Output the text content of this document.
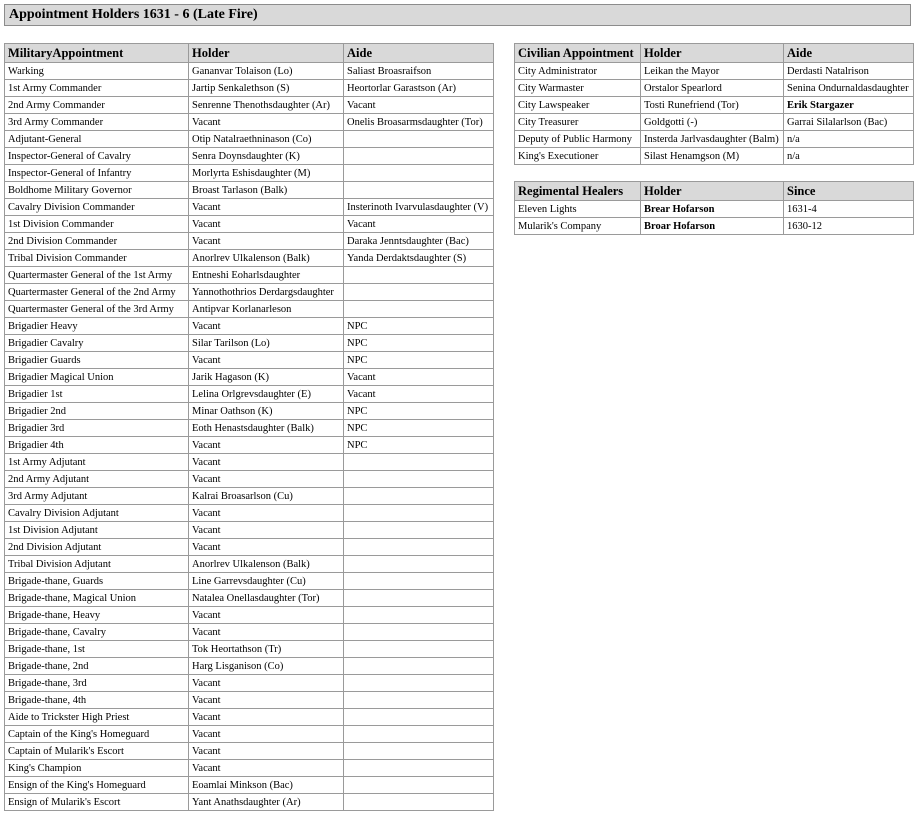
Appointment Holders 1631 - 6 (Late Fire)
MilitaryAppointment	Holder	Aide
Warking	Gananvar Tolaison (Lo)	Saliast Broasraifson
1st Army Commander	Jartip Senkalethson (S)	Heortorlar Garastson (Ar)
2nd Army Commander	Senrenne Thenothsdaughter (Ar)	Vacant
3rd Army Commander	Vacant	Onelis Broasarmsdaughter (Tor)
Adjutant-General	Otip Natalraethninason (Co)	
Inspector-General of Cavalry	Senra Doynsdaughter (K)	
Inspector-General of Infantry	Morlyrta Eshisdaughter (M)	
Boldhome Military Governor	Broast Tarlason (Balk)	
Cavalry Division Commander	Vacant	Insterinoth Ivarvulasdaughter (V)
1st Division Commander	Vacant	Vacant
2nd Division Commander	Vacant	Daraka Jenntsdaughter (Bac)
Tribal Division Commander	Anorlrev Ulkalenson (Balk)	Yanda Derdaktsdaughter (S)
Quartermaster General of the 1st Army	Entneshi Eoharlsdaughter	
Quartermaster General of the 2nd Army	Yannothothrios Derdargsdaughter	
Quartermaster General of the 3rd Army	Antipvar Korlanarleson	
Brigadier Heavy	Vacant	NPC
Brigadier Cavalry	Silar Tarilson (Lo)	NPC
Brigadier Guards	Vacant	NPC
Brigadier Magical Union	Jarik Hagason (K)	Vacant
Brigadier 1st	Lelina Orlgrevsdaughter (E)	Vacant
Brigadier 2nd	Minar Oathson (K)	NPC
Brigadier 3rd	Eoth Henastsdaughter (Balk)	NPC
Brigadier 4th	Vacant	NPC
1st Army Adjutant	Vacant	
2nd Army Adjutant	Vacant	
3rd Army Adjutant	Kalrai Broasarlson (Cu)	
Cavalry Division Adjutant	Vacant	
1st Division Adjutant	Vacant	
2nd Division Adjutant	Vacant	
Tribal Division Adjutant	Anorlrev Ulkalenson (Balk)	
Brigade-thane, Guards	Line Garrevsdaughter (Cu)	
Brigade-thane, Magical Union	Natalea Onellasdaughter (Tor)	
Brigade-thane, Heavy	Vacant	
Brigade-thane, Cavalry	Vacant	
Brigade-thane, 1st	Tok Heortathson (Tr)	
Brigade-thane, 2nd	Harg Lisganison (Co)	
Brigade-thane, 3rd	Vacant	
Brigade-thane, 4th	Vacant	
Aide to Trickster High Priest	Vacant	
Captain of the King's Homeguard	Vacant	
Captain of Mularik's Escort	Vacant	
King's Champion	Vacant	
Ensign of the King's Homeguard	Eoamlai Minkson (Bac)	
Ensign of Mularik's Escort	Yant Anathsdaughter (Ar)	
Civilian Appointment	Holder	Aide
City Administrator	Leikan the Mayor	Derdasti Natalrison
City Warmaster	Orstalor Spearlord	Senina Ondurnaldasdaughter
City Lawspeaker	Tosti Runefriend (Tor)	Erik Stargazer
City Treasurer	Goldgotti (-)	Garrai Silalarlson (Bac)
Deputy of Public Harmony	Insterda Jarlvasdaughter (Balm)	n/a
King's Executioner	Silast Henamgson (M)	n/a
Regimental Healers	Holder	Since
Eleven Lights	Brear Hofarson	1631-4
Mularik's Company	Broar Hofarson	1630-12
